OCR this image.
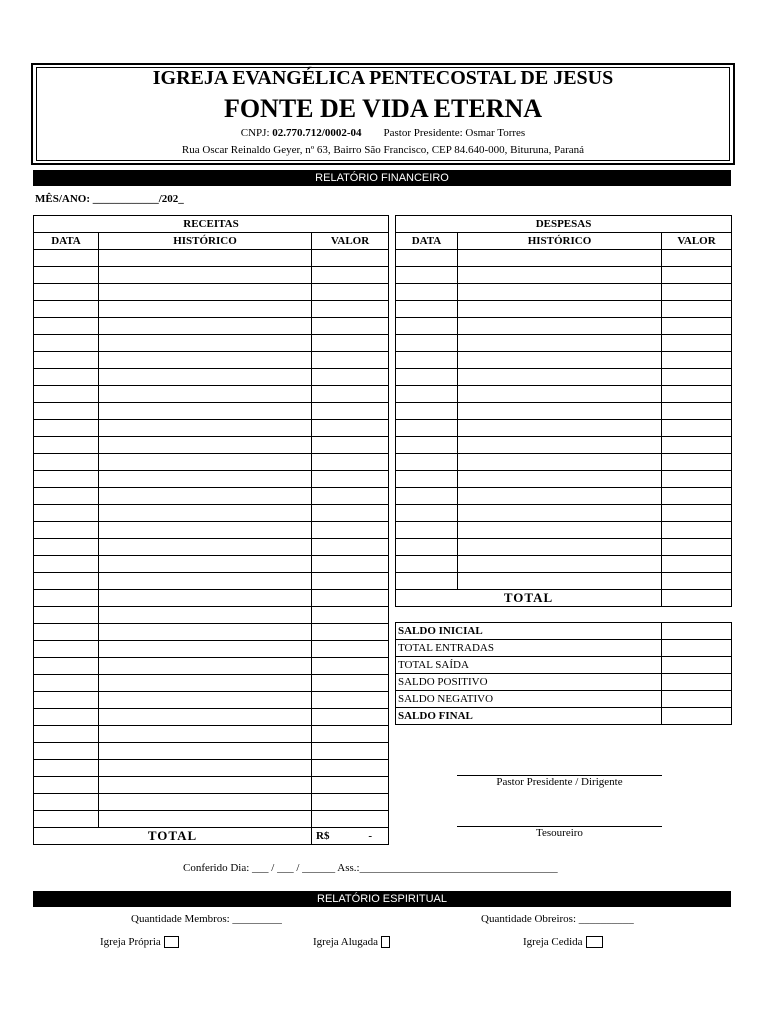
IGREJA EVANGÉLICA PENTECOSTAL DE JESUS
FONTE DE VIDA ETERNA
CNPJ: 02.770.712/0002-04 Pastor Presidente: Osmar Torres
Rua Oscar Reinaldo Geyer, nº 63, Bairro São Francisco, CEP 84.640-000, Bituruna, Paraná
RELATÓRIO FINANCEIRO
MÊS/ANO: ____________/202_
RECEITAS		
DATA	HISTÓRICO	VALOR

TOTAL		R$ -
DESPESAS		
DATA	HISTÓRICO	VALOR

TOTAL		
SALDO INICIAL	
TOTAL ENTRADAS	
TOTAL SAÍDA	
SALDO POSITIVO	
SALDO NEGATIVO	
SALDO FINAL	
Pastor Presidente / Dirigente
Tesoureiro
Conferido Dia: ___ / ___ / ______ Ass.:____________________________________
RELATÓRIO ESPIRITUAL
Quantidade Membros: _________	Quantidade Obreiros: __________
Igreja Própria	Igreja Alugada	Igreja Cedida
